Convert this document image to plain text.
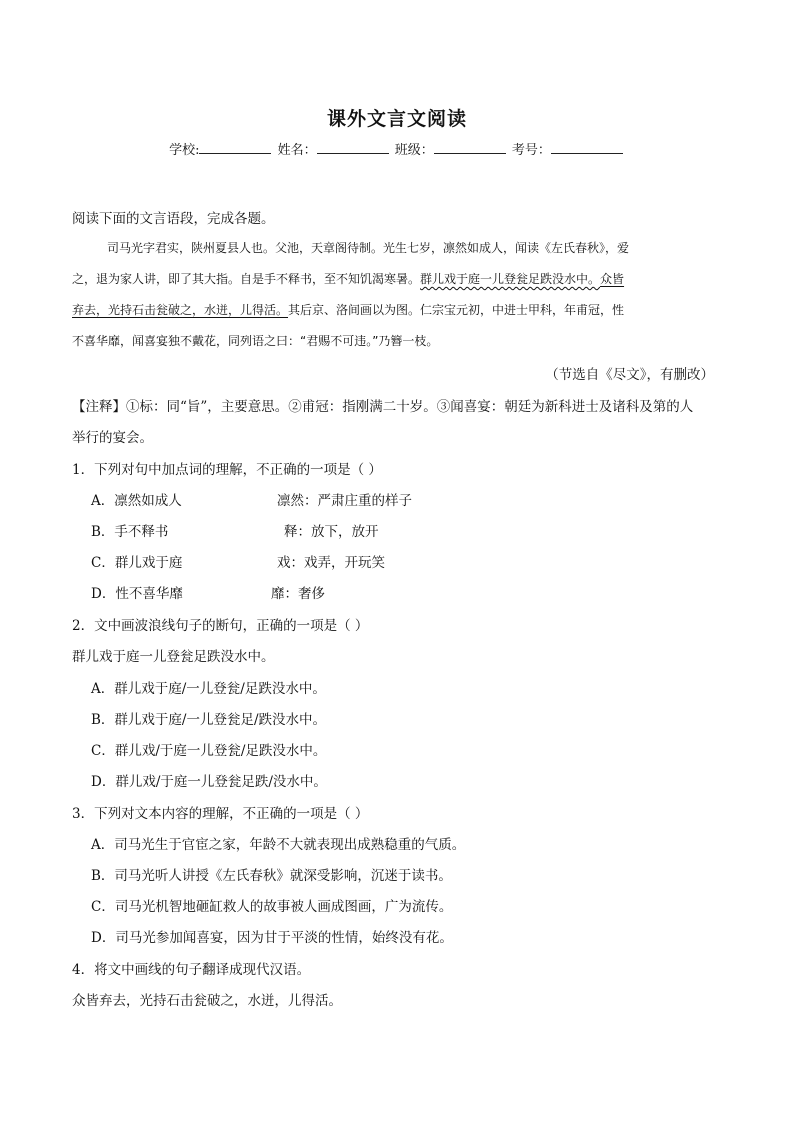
课外文言文阅读
学校:	姓名：	班级：	考号：
阅读下面的文言语段，完成各题。
司马光字君实，陕州夏县人也。父池，天章阁待制。光生七岁，凛然如成人，闻读《左氏春秋》，爱
之，退为家人讲，即了其大指。自是手不释书，至不知饥渴寒暑。群儿戏于庭一儿登瓮足跌没水中。众皆
弃去，光持石击瓮破之，水迸，儿得活。其后京、洛间画以为图。仁宗宝元初，中进士甲科，年甫冠，性
不喜华靡，闻喜宴独不戴花，同列语之曰：“君赐不可违。”乃簪一枝。
（节选自《尽文》，有删改）
【注释】①标：同“旨”，主要意思。②甫冠：指刚满二十岁。③闻喜宴：朝廷为新科进士及诸科及第的人
举行的宴会。
1．下列对句中加点词的理解，不正确的一项是（ ）
A．凛然如成人	凛然：严肃庄重的样子
B．手不释书	释：放下，放开
C．群儿戏于庭	戏：戏弄，开玩笑
D．性不喜华靡	靡：奢侈
2．文中画波浪线句子的断句，正确的一项是（ ）
群儿戏于庭一儿登瓮足跌没水中。
A．群儿戏于庭/一儿登瓮/足跌没水中。
B．群儿戏于庭/一儿登瓮足/跌没水中。
C．群儿戏/于庭一儿登瓮/足跌没水中。
D．群儿戏/于庭一儿登瓮足跌/没水中。
3．下列对文本内容的理解，不正确的一项是（ ）
A．司马光生于官宦之家，年龄不大就表现出成熟稳重的气质。
B．司马光听人讲授《左氏春秋》就深受影响，沉迷于读书。
C．司马光机智地砸缸救人的故事被人画成图画，广为流传。
D．司马光参加闻喜宴，因为甘于平淡的性情，始终没有花。
4．将文中画线的句子翻译成现代汉语。
众皆弃去，光持石击瓮破之，水迸，儿得活。
